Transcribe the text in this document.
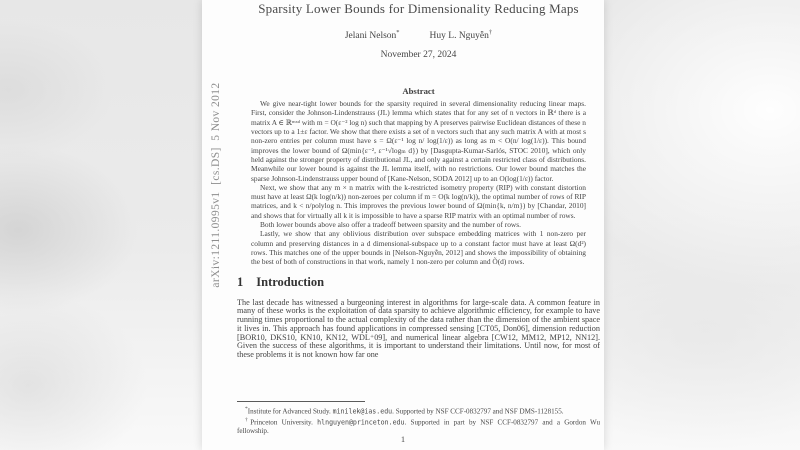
arXiv:1211.0995v1  [cs.DS]  5 Nov 2012
Sparsity Lower Bounds for Dimensionality Reducing Maps
Jelani Nelson*	Huy L. Nguyễn†
November 27, 2024
Abstract

We give near-tight lower bounds for the sparsity required in several dimensionality reducing linear maps. First, consider the Johnson-Lindenstrauss (JL) lemma which states that for any set of n vectors in ℝᵈ there is a matrix A ∈ ℝᵐˣᵈ with m = O(ε⁻² log n) such that mapping by A preserves pairwise Euclidean distances of these n vectors up to a 1±ε factor. We show that there exists a set of n vectors such that any such matrix A with at most s non-zero entries per column must have s = Ω(ε⁻¹ log n/ log(1/ε)) as long as m < O(n/ log(1/ε)). This bound improves the lower bound of Ω(min{ε⁻², ε⁻¹√logₘ d}) by [Dasgupta-Kumar-Sarlós, STOC 2010], which only held against the stronger property of distributional JL, and only against a certain restricted class of distributions. Meanwhile our lower bound is against the JL lemma itself, with no restrictions. Our lower bound matches the sparse Johnson-Lindenstrauss upper bound of [Kane-Nelson, SODA 2012] up to an O(log(1/ε)) factor.

Next, we show that any m × n matrix with the k-restricted isometry property (RIP) with constant distortion must have at least Ω(k log(n/k)) non-zeroes per column if m = O(k log(n/k)), the optimal number of rows of RIP matrices, and k < n/polylog n. This improves the previous lower bound of Ω(min{k, n/m}) by [Chandar, 2010] and shows that for virtually all k it is impossible to have a sparse RIP matrix with an optimal number of rows.

Both lower bounds above also offer a tradeoff between sparsity and the number of rows.

Lastly, we show that any oblivious distribution over subspace embedding matrices with 1 non-zero per column and preserving distances in a d dimensional-subspace up to a constant factor must have at least Ω(d²) rows. This matches one of the upper bounds in [Nelson-Nguyễn, 2012] and shows the impossibility of obtaining the best of both of constructions in that work, namely 1 non-zero per column and Õ(d) rows.

1 Introduction

The last decade has witnessed a burgeoning interest in algorithms for large-scale data. A common feature in many of these works is the exploitation of data sparsity to achieve algorithmic efficiency, for example to have running times proportional to the actual complexity of the data rather than the dimension of the ambient space it lives in. This approach has found applications in compressed sensing [CT05, Don06], dimension reduction [BOR10, DKS10, KN10, KN12, WDL⁺09], and numerical linear algebra [CW12, MM12, MP12, NN12]. Given the success of these algorithms, it is important to understand their limitations. Until now, for most of these problems it is not known how far one

*Institute for Advanced Study. minilek@ias.edu. Supported by NSF CCF-0832797 and NSF DMS-1128155.

†Princeton University. hlnguyen@princeton.edu. Supported in part by NSF CCF-0832797 and a Gordon Wu fellowship.

1
